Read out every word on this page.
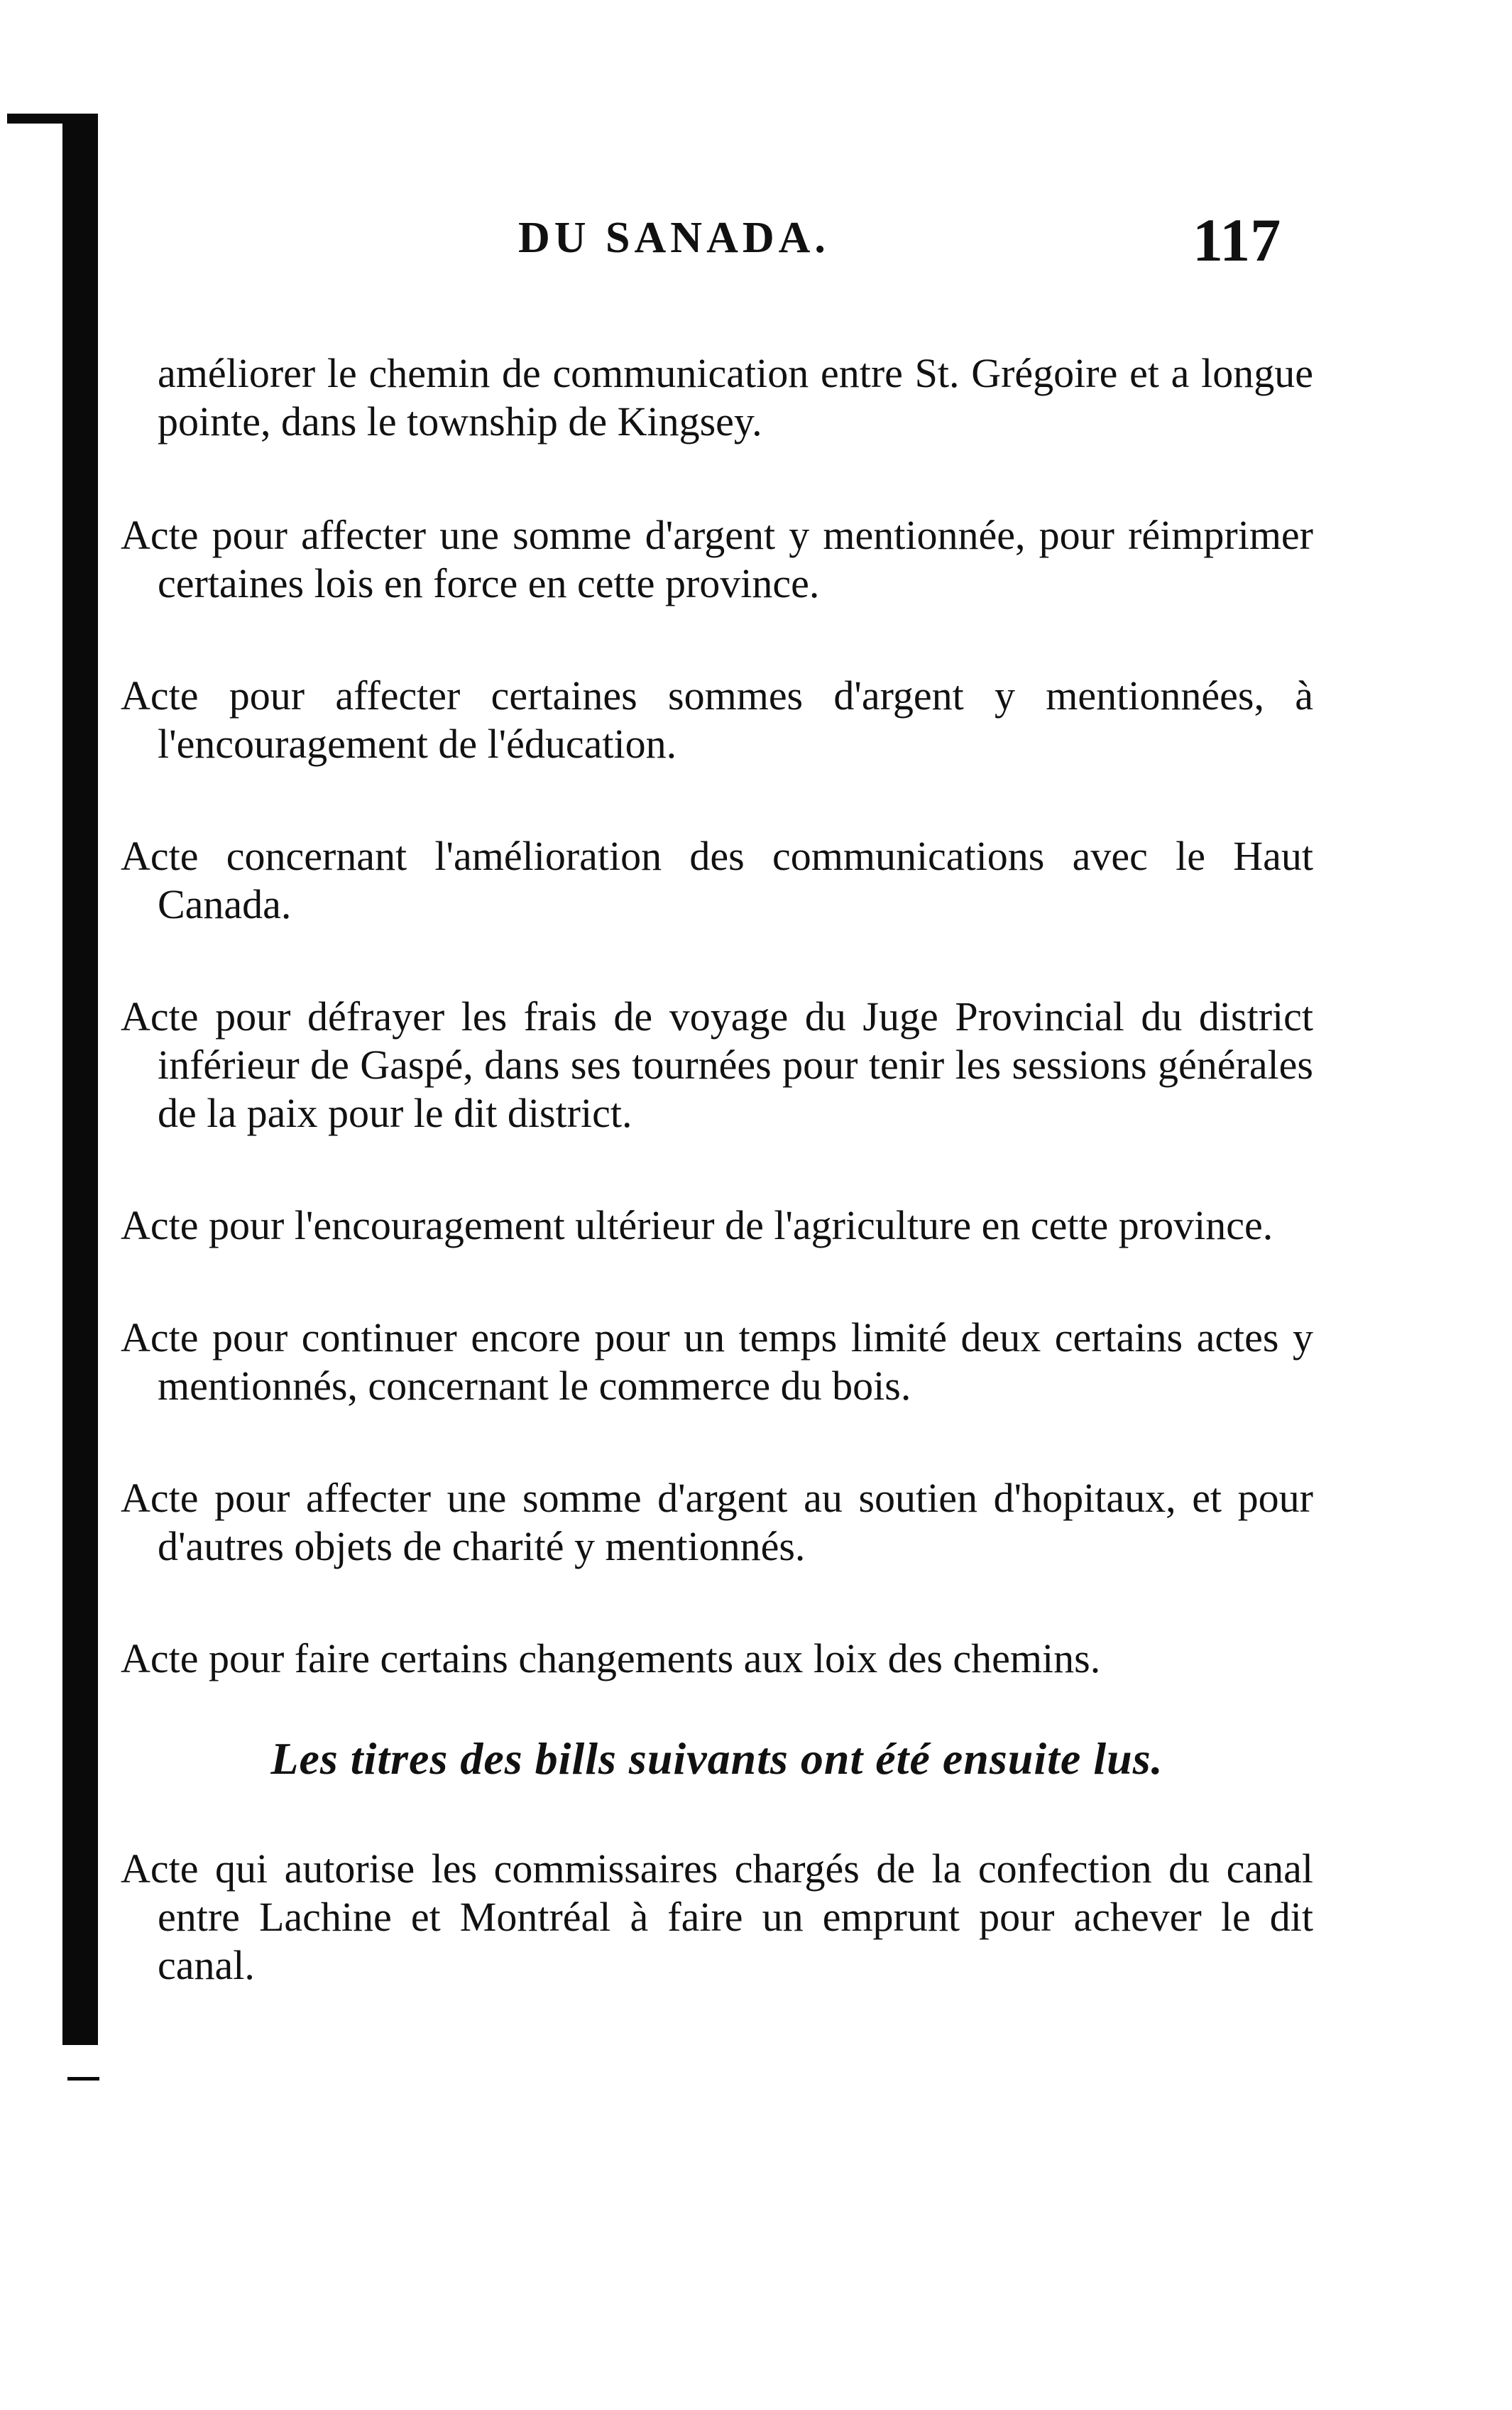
DU SANADA.	117

améliorer le chemin de communication entre St. Grégoire et a longue pointe, dans le township de Kingsey.

Acte pour affecter une somme d'argent y mentionnée, pour réimprimer certaines lois en force en cette province.

Acte pour affecter certaines sommes d'argent y mentionnées, à l'encouragement de l'éducation.

Acte concernant l'amélioration des communications avec le Haut Canada.

Acte pour défrayer les frais de voyage du Juge Provincial du district inférieur de Gaspé, dans ses tournées pour tenir les sessions générales de la paix pour le dit district.

Acte pour l'encouragement ultérieur de l'agriculture en cette province.

Acte pour continuer encore pour un temps limité deux certains actes y mentionnés, concernant le commerce du bois.

Acte pour affecter une somme d'argent au soutien d'hopitaux, et pour d'autres objets de charité y mentionnés.

Acte pour faire certains changements aux loix des chemins.

Les titres des bills suivants ont été ensuite lus.

Acte qui autorise les commissaires chargés de la confection du canal entre Lachine et Montréal à faire un emprunt pour achever le dit canal.
